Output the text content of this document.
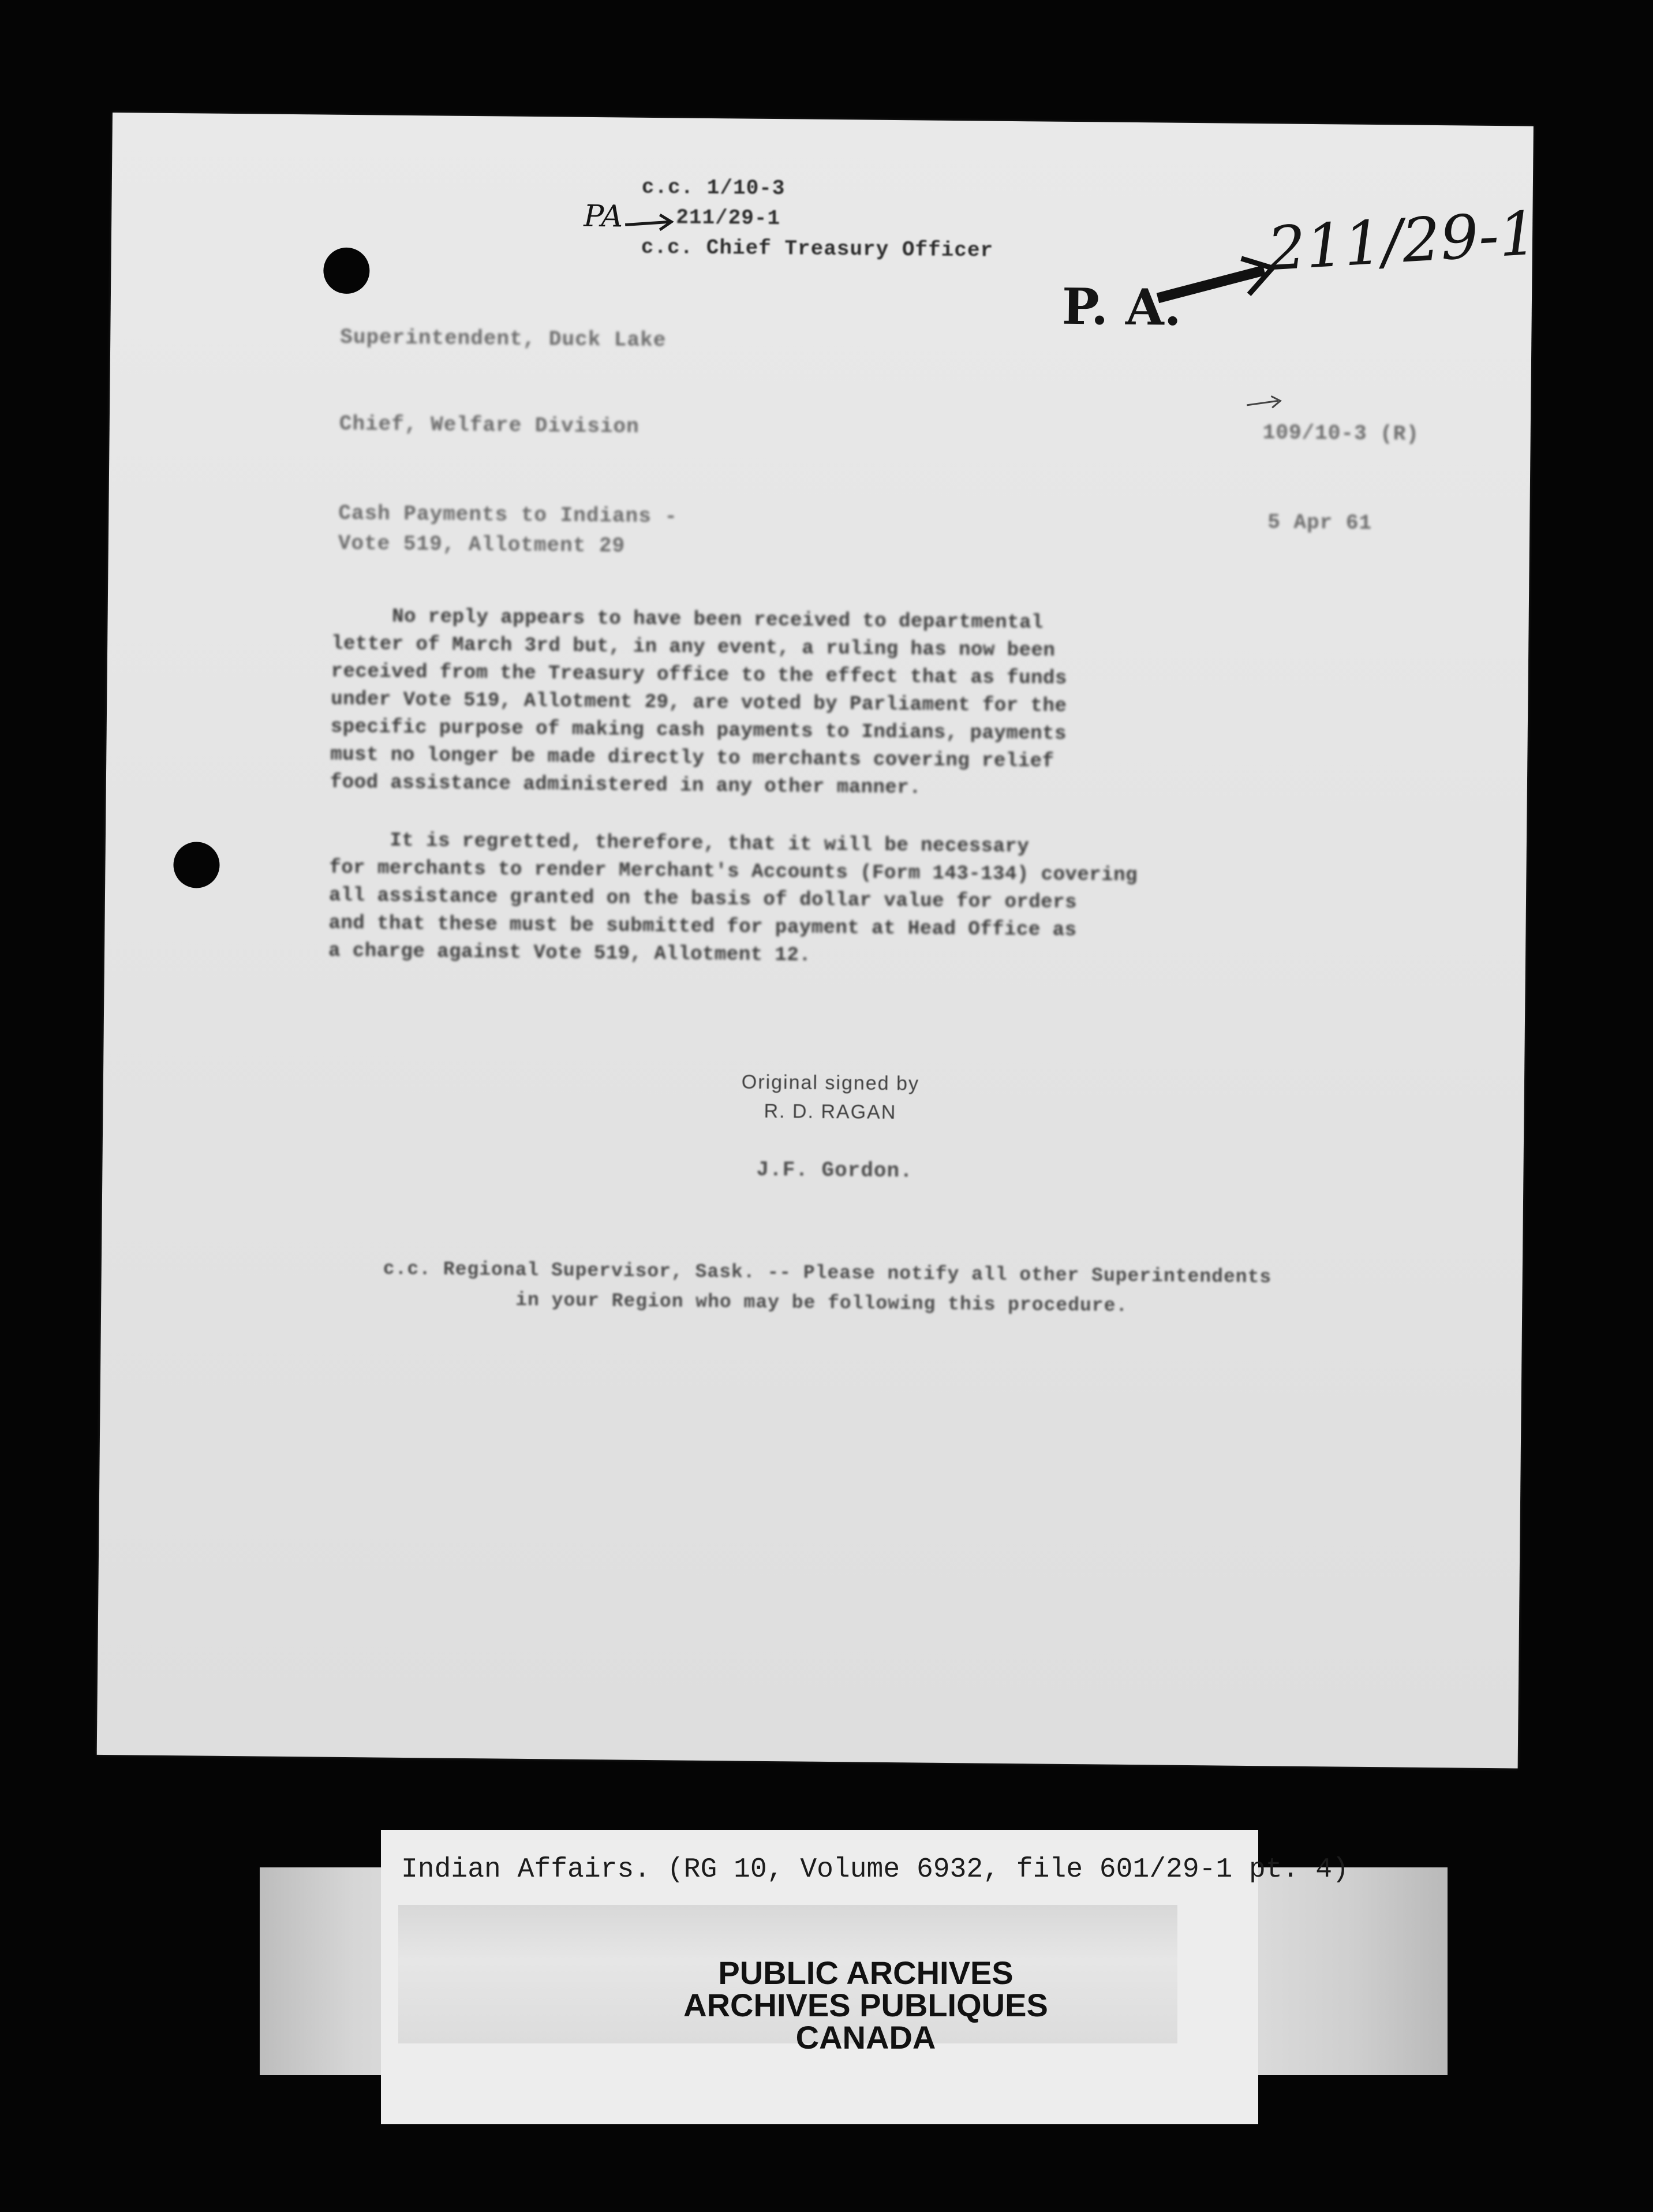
c.c. 1/10-3
211/29-1
c.c. Chief Treasury Officer
PA
P. A.
211/29-1
Superintendent, Duck Lake
Chief, Welfare Division	109/10-3 (R)
Cash Payments to Indians -
Vote 519, Allotment 29
5 Apr 61
No reply appears to have been received to departmental
letter of March 3rd but, in any event, a ruling has now been
received from the Treasury office to the effect that as funds
under Vote 519, Allotment 29, are voted by Parliament for the
specific purpose of making cash payments to Indians, payments
must no longer be made directly to merchants covering relief
food assistance administered in any other manner.
It is regretted, therefore, that it will be necessary
for merchants to render Merchant's Accounts (Form 143-134) covering
all assistance granted on the basis of dollar value for orders
and that these must be submitted for payment at Head Office as
a charge against Vote 519, Allotment 12.
Original signed by
R. D. RAGAN
J.F. Gordon.
c.c. Regional Supervisor, Sask. -- Please notify all other Superintendents
in your Region who may be following this procedure.
Indian Affairs. (RG 10, Volume 6932, file 601/29-1 pt. 4)
PUBLIC ARCHIVES
ARCHIVES PUBLIQUES
CANADA
